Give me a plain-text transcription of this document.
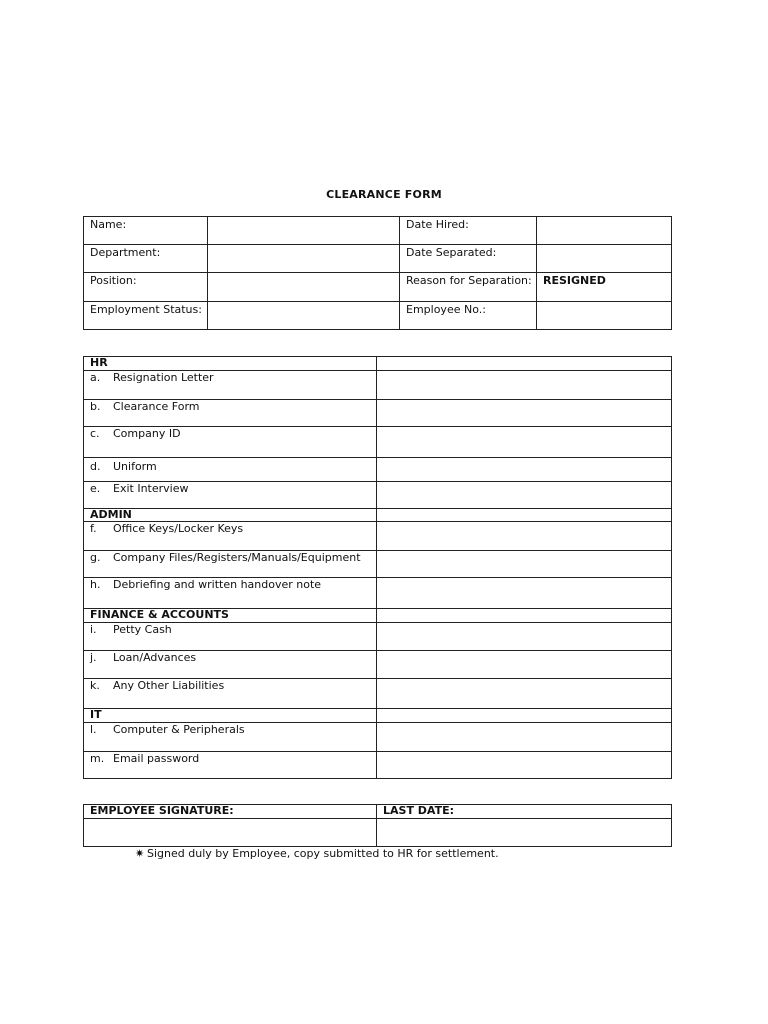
CLEARANCE FORM
Name:		Date Hired:	
Department:		Date Separated:	
Position:		Reason for Separation:	RESIGNED
Employment Status:		Employee No.:	
HR	
a. Resignation Letter	
b. Clearance Form	
c. Company ID	
d. Uniform	
e. Exit Interview	
ADMIN	
f. Office Keys/Locker Keys	
g. Company Files/Registers/Manuals/Equipment	
h. Debriefing and written handover note	
FINANCE & ACCOUNTS	
i. Petty Cash	
j. Loan/Advances	
k. Any Other Liabilities	
IT	
l. Computer & Peripherals	
m. Email password	
EMPLOYEE SIGNATURE:	LAST DATE:

✷ Signed duly by Employee, copy submitted to HR for settlement.
